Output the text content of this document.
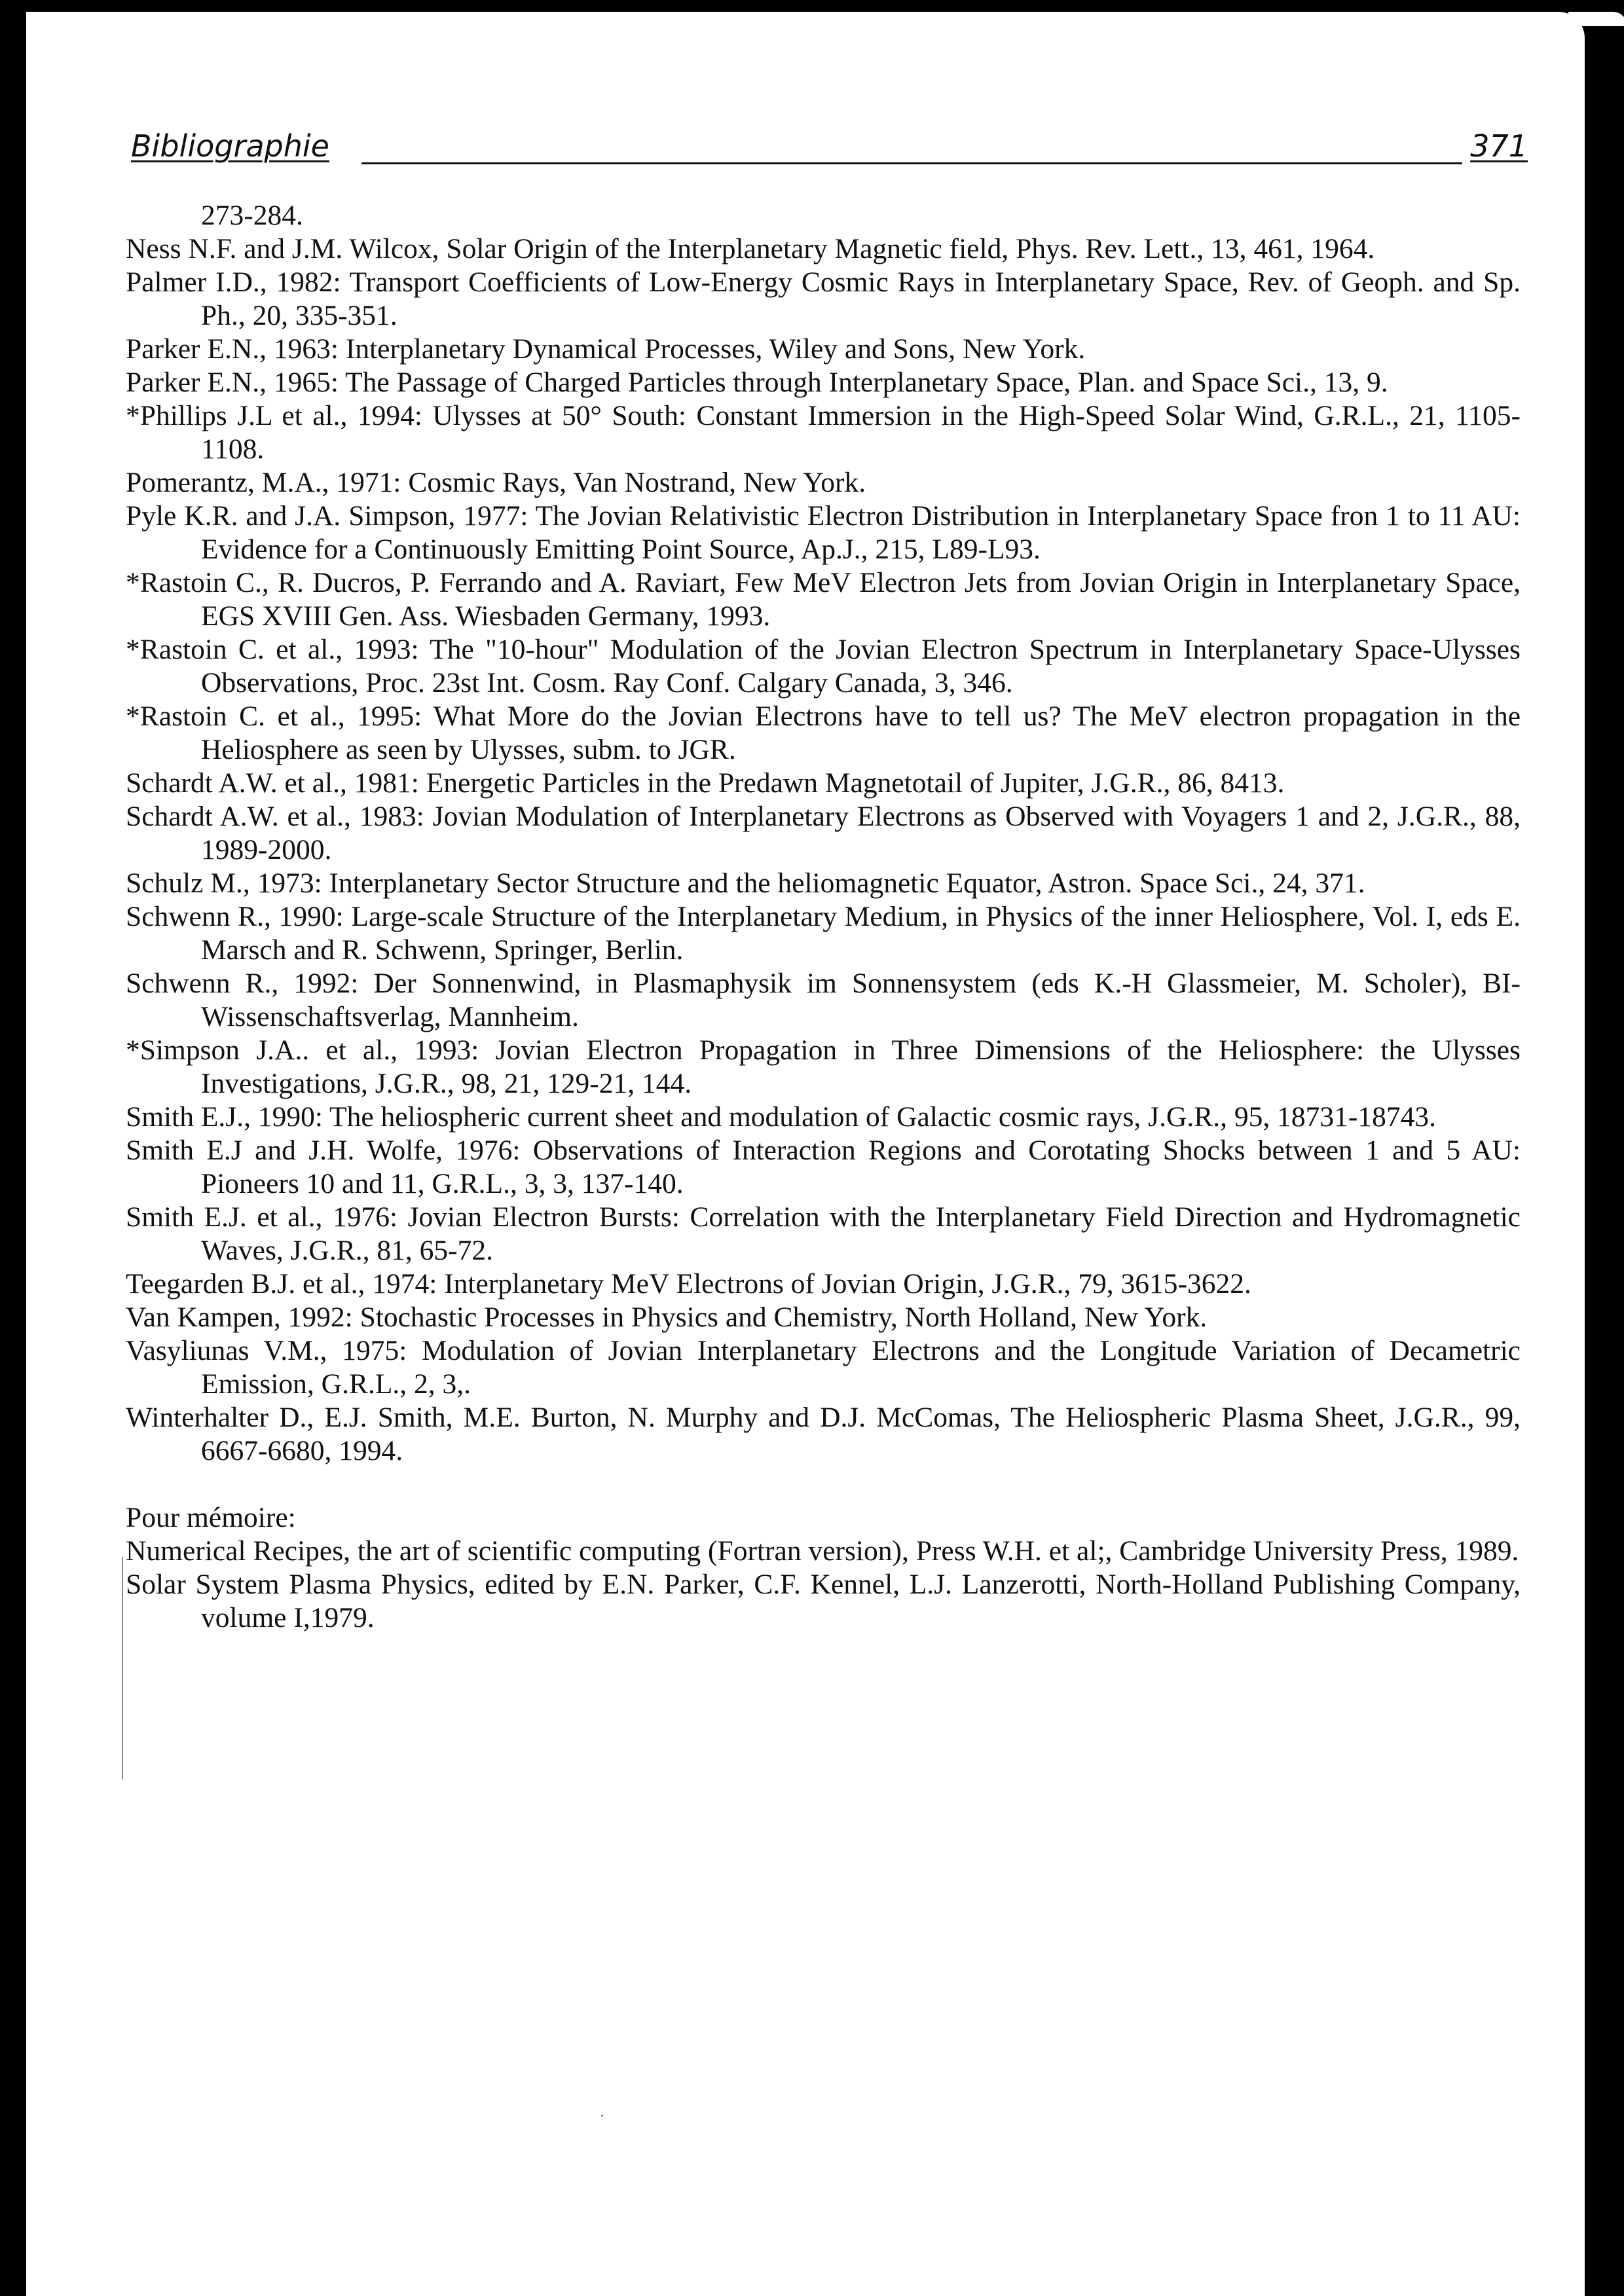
Bibliographie	371

273-284.

Ness N.F. and J.M. Wilcox, Solar Origin of the Interplanetary Magnetic field, Phys. Rev. Lett., 13, 461, 1964.

Palmer I.D., 1982: Transport Coefficients of Low-Energy Cosmic Rays in Interplanetary Space, Rev. of Geoph. and Sp. Ph., 20, 335-351.

Parker E.N., 1963: Interplanetary Dynamical Processes, Wiley and Sons, New York.

Parker E.N., 1965: The Passage of Charged Particles through Interplanetary Space, Plan. and Space Sci., 13, 9.

*Phillips J.L et al., 1994: Ulysses at 50° South: Constant Immersion in the High-Speed Solar Wind, G.R.L., 21, 1105-1108.

Pomerantz, M.A., 1971: Cosmic Rays, Van Nostrand, New York.

Pyle K.R. and J.A. Simpson, 1977: The Jovian Relativistic Electron Distribution in Interplanetary Space fron 1 to 11 AU: Evidence for a Continuously Emitting Point Source, Ap.J., 215, L89-L93.

*Rastoin C., R. Ducros, P. Ferrando and A. Raviart, Few MeV Electron Jets from Jovian Origin in Interplanetary Space, EGS XVIII Gen. Ass. Wiesbaden Germany, 1993.

*Rastoin C. et al., 1993: The "10-hour" Modulation of the Jovian Electron Spectrum in Interplanetary Space-Ulysses Observations, Proc. 23st Int. Cosm. Ray Conf. Calgary Canada, 3, 346.

*Rastoin C. et al., 1995: What More do the Jovian Electrons have to tell us? The MeV electron propagation in the Heliosphere as seen by Ulysses, subm. to JGR.

Schardt A.W. et al., 1981: Energetic Particles in the Predawn Magnetotail of Jupiter, J.G.R., 86, 8413.

Schardt A.W. et al., 1983: Jovian Modulation of Interplanetary Electrons as Observed with Voyagers 1 and 2, J.G.R., 88, 1989-2000.

Schulz M., 1973: Interplanetary Sector Structure and the heliomagnetic Equator, Astron. Space Sci., 24, 371.

Schwenn R., 1990: Large-scale Structure of the Interplanetary Medium, in Physics of the inner Heliosphere, Vol. I, eds E. Marsch and R. Schwenn, Springer, Berlin.

Schwenn R., 1992: Der Sonnenwind, in Plasmaphysik im Sonnensystem (eds K.-H Glassmeier, M. Scholer), BI-Wissenschaftsverlag, Mannheim.

*Simpson J.A.. et al., 1993: Jovian Electron Propagation in Three Dimensions of the Heliosphere: the Ulysses Investigations, J.G.R., 98, 21, 129-21, 144.

Smith E.J., 1990: The heliospheric current sheet and modulation of Galactic cosmic rays, J.G.R., 95, 18731-18743.

Smith E.J and J.H. Wolfe, 1976: Observations of Interaction Regions and Corotating Shocks between 1 and 5 AU: Pioneers 10 and 11, G.R.L., 3, 3, 137-140.

Smith E.J. et al., 1976: Jovian Electron Bursts: Correlation with the Interplanetary Field Direction and Hydromagnetic Waves, J.G.R., 81, 65-72.

Teegarden B.J. et al., 1974: Interplanetary MeV Electrons of Jovian Origin, J.G.R., 79, 3615-3622.

Van Kampen, 1992: Stochastic Processes in Physics and Chemistry, North Holland, New York.

Vasyliunas V.M., 1975: Modulation of Jovian Interplanetary Electrons and the Longitude Variation of Decametric Emission, G.R.L., 2, 3,.

Winterhalter D., E.J. Smith, M.E. Burton, N. Murphy and D.J. McComas, The Heliospheric Plasma Sheet, J.G.R., 99, 6667-6680, 1994.

Pour mémoire:

Numerical Recipes, the art of scientific computing (Fortran version), Press W.H. et al;, Cambridge University Press, 1989.

Solar System Plasma Physics, edited by E.N. Parker, C.F. Kennel, L.J. Lanzerotti, North-Holland Publishing Company, volume I,1979.
